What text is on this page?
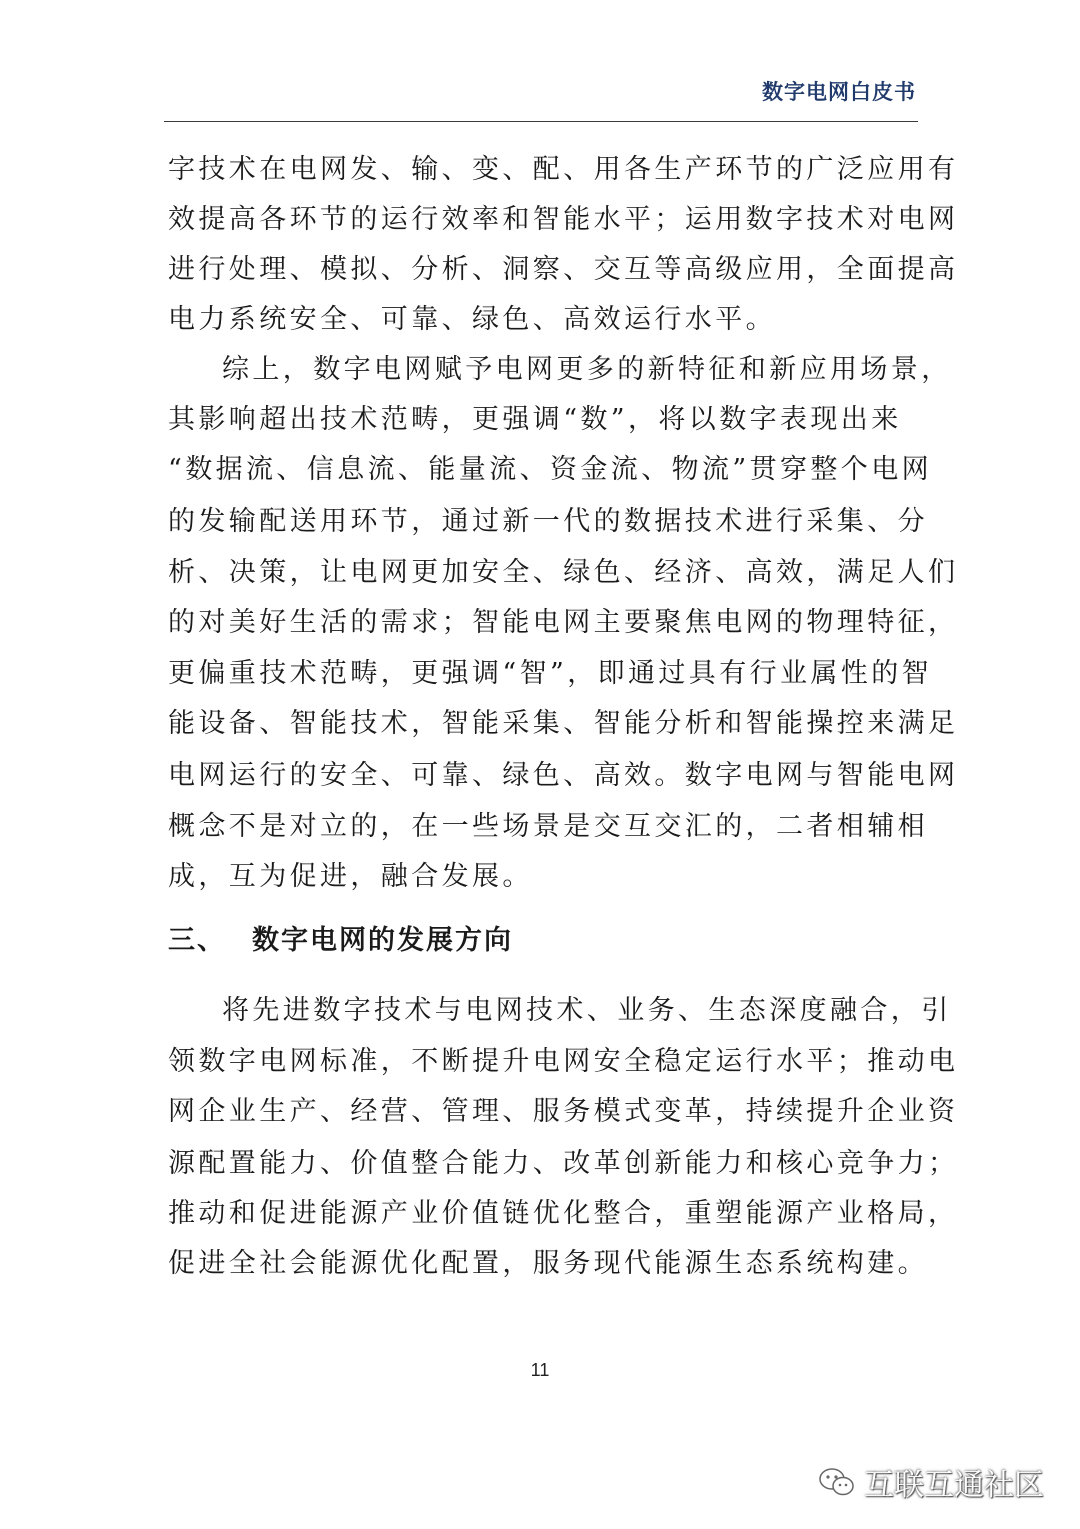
数字电网白皮书
字技术在电网发、输、变、配、用各生产环节的广泛应用有
效提高各环节的运行效率和智能水平；运用数字技术对电网
进行处理、模拟、分析、洞察、交互等高级应用，全面提高
电力系统安全、可靠、绿色、高效运行水平。
综上，数字电网赋予电网更多的新特征和新应用场景，
其影响超出技术范畴，更强调“数”，将以数字表现出来
“数据流、信息流、能量流、资金流、物流”贯穿整个电网
的发输配送用环节，通过新一代的数据技术进行采集、分
析、决策，让电网更加安全、绿色、经济、高效，满足人们
的对美好生活的需求；智能电网主要聚焦电网的物理特征，
更偏重技术范畴，更强调“智”，即通过具有行业属性的智
能设备、智能技术，智能采集、智能分析和智能操控来满足
电网运行的安全、可靠、绿色、高效。数字电网与智能电网
概念不是对立的，在一些场景是交互交汇的，二者相辅相
成，互为促进，融合发展。
三、 数字电网的发展方向
将先进数字技术与电网技术、业务、生态深度融合，引
领数字电网标准，不断提升电网安全稳定运行水平；推动电
网企业生产、经营、管理、服务模式变革，持续提升企业资
源配置能力、价值整合能力、改革创新能力和核心竞争力；
推动和促进能源产业价值链优化整合，重塑能源产业格局，
促进全社会能源优化配置，服务现代能源生态系统构建。
11
互联互通社区
